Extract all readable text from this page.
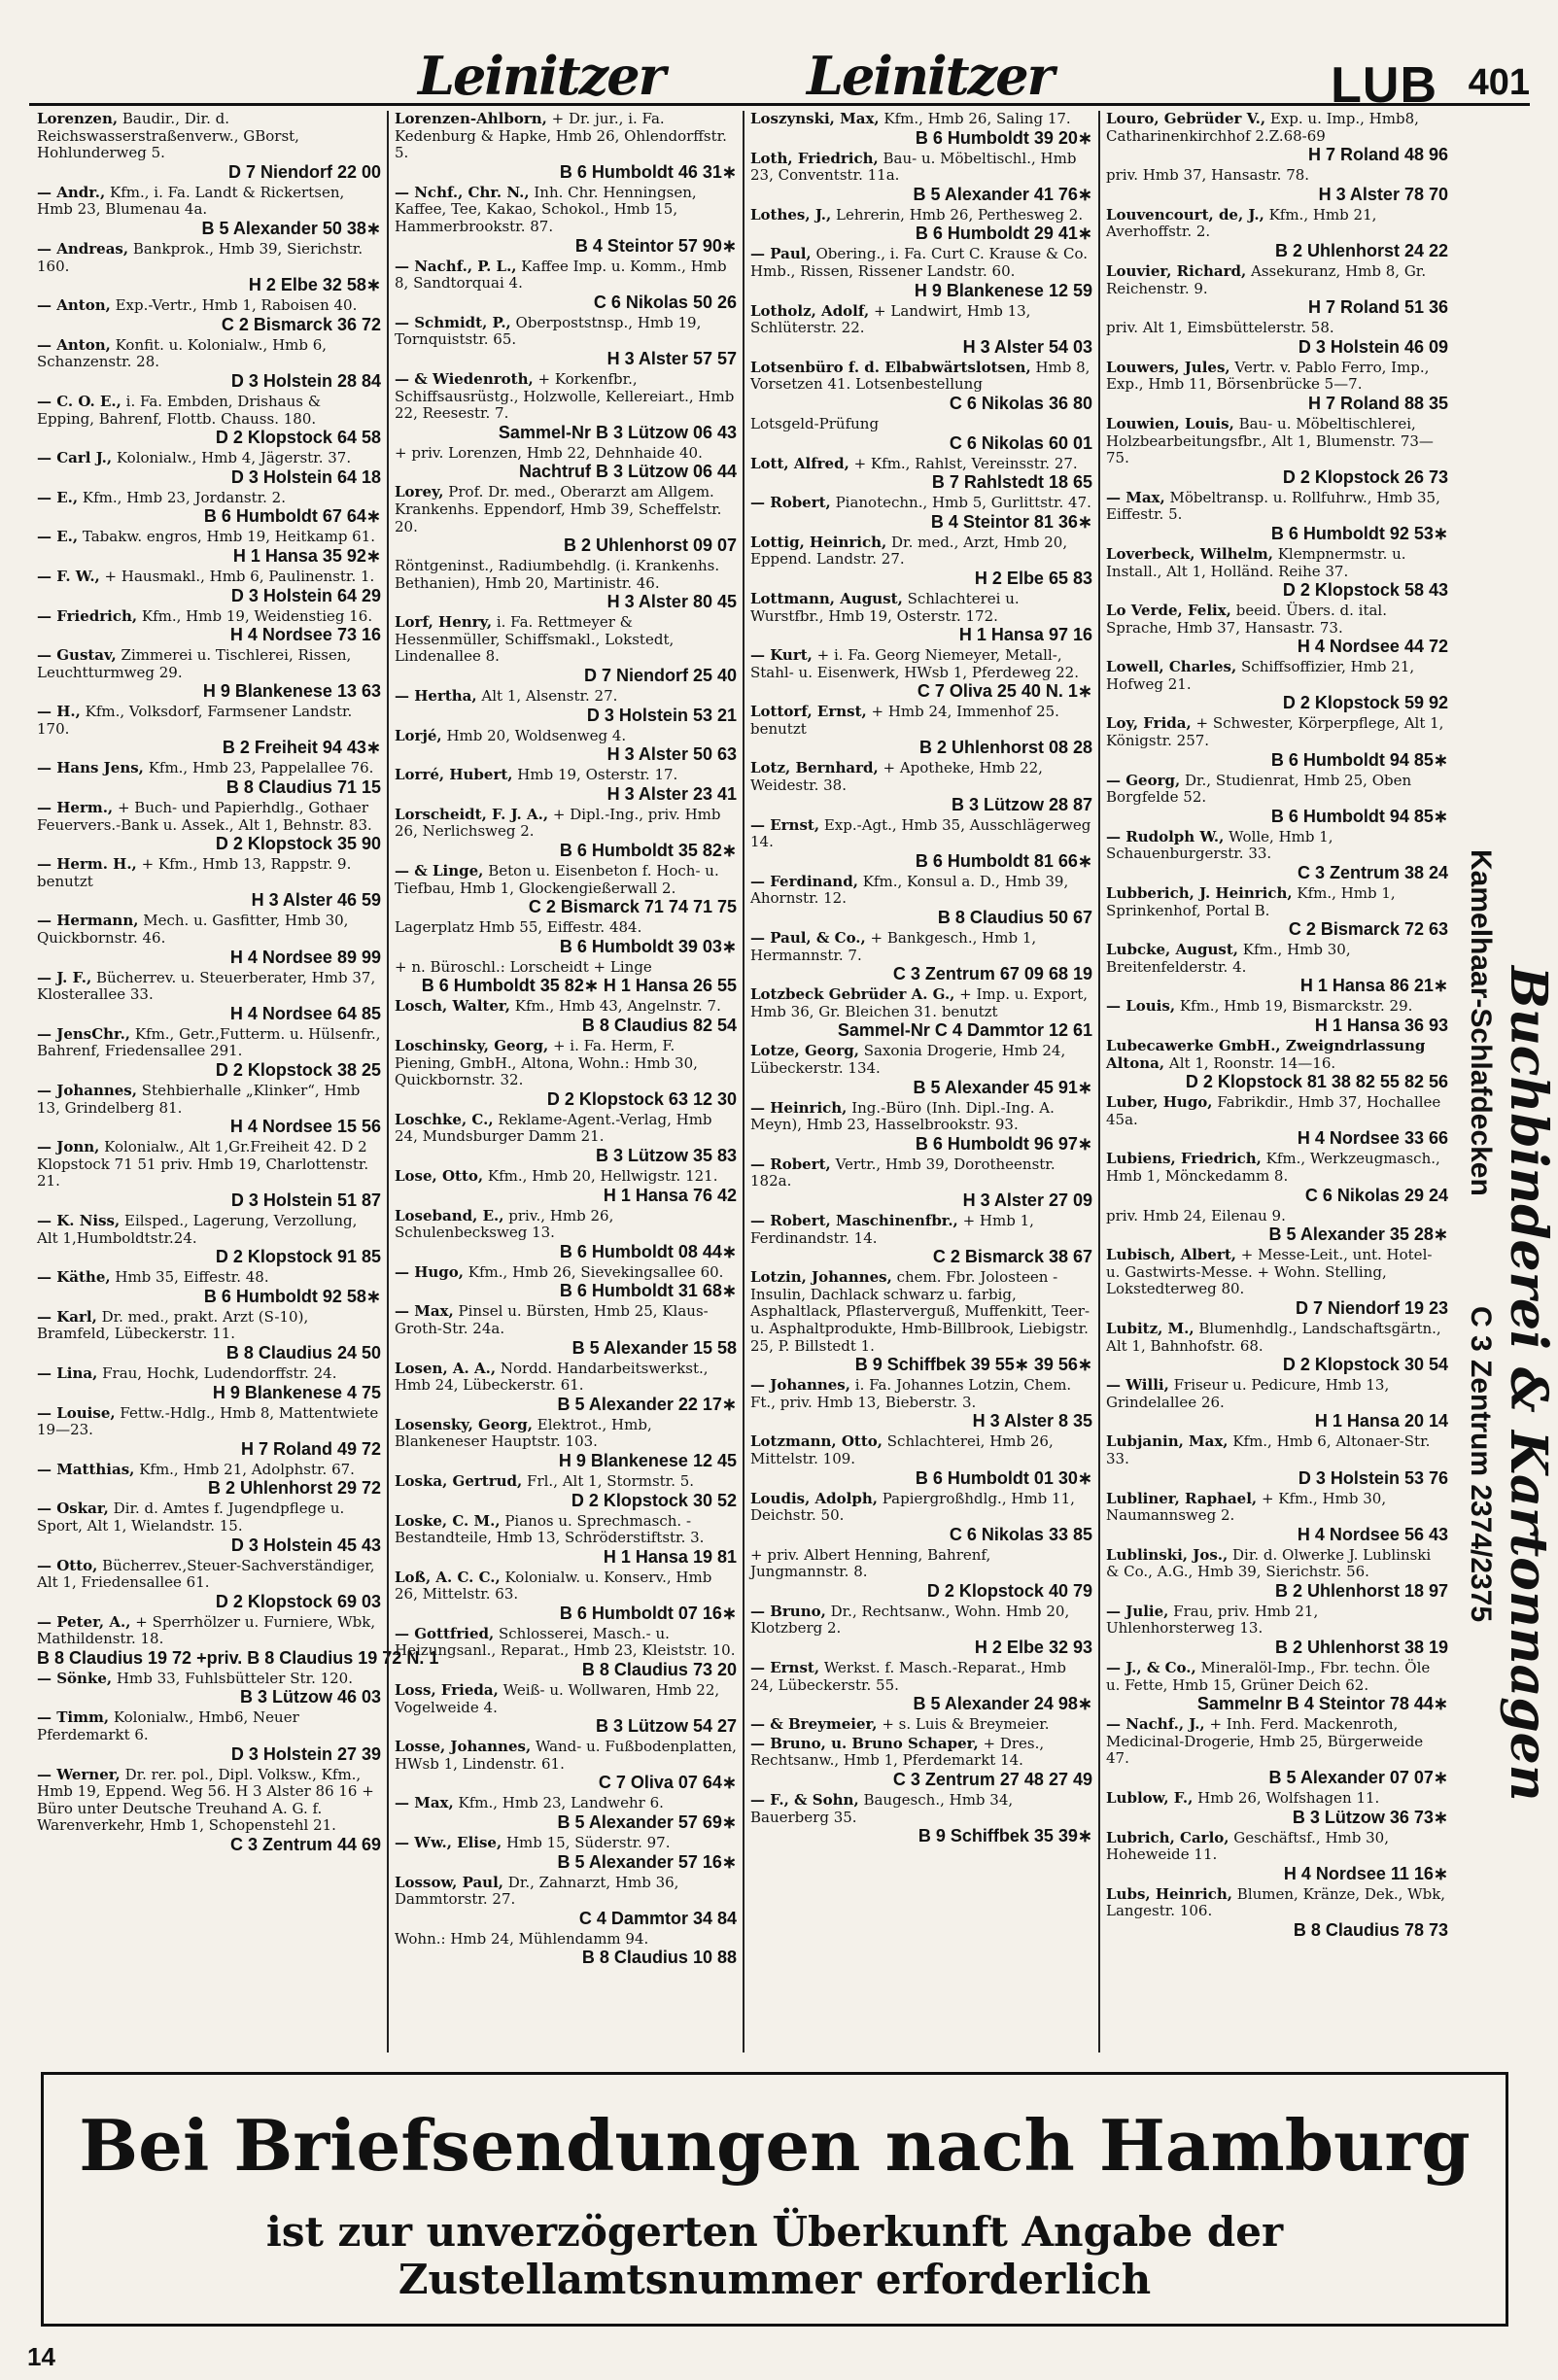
Leinitzer	Leinitzer	LUB 401
Lorenzen, Baudir., Dir. d. Reichswasserstraßenverw., GBorst, Hohlunderweg 5.
D 7 Niendorf 22 00
— Andr., Kfm., i. Fa. Landt & Rickertsen, Hmb 23, Blumenau 4a.
B 5 Alexander 50 38∗
— Andreas, Bankprok., Hmb 39, Sierichstr. 160.
H 2 Elbe 32 58∗
— Anton, Exp.-Vertr., Hmb 1, Raboisen 40.
C 2 Bismarck 36 72
— Anton, Konfit. u. Kolonialw., Hmb 6, Schanzenstr. 28.
D 3 Holstein 28 84
— C. O. E., i. Fa. Embden, Drishaus & Epping, Bahrenf, Flottb. Chauss. 180.
D 2 Klopstock 64 58
— Carl J., Kolonialw., Hmb 4, Jägerstr. 37.
D 3 Holstein 64 18
— E., Kfm., Hmb 23, Jordanstr. 2.
B 6 Humboldt 67 64∗
— E., Tabakw. engros, Hmb 19, Heitkamp 61.
H 1 Hansa 35 92∗
— F. W., + Hausmakl., Hmb 6, Paulinenstr. 1.
D 3 Holstein 64 29
— Friedrich, Kfm., Hmb 19, Weidenstieg 16.
H 4 Nordsee 73 16
— Gustav, Zimmerei u. Tischlerei, Rissen, Leuchtturmweg 29.
H 9 Blankenese 13 63
— H., Kfm., Volksdorf, Farmsener Landstr. 170.
B 2 Freiheit 94 43∗
— Hans Jens, Kfm., Hmb 23, Pappelallee 76.
B 8 Claudius 71 15
— Herm., + Buch- und Papierhdlg., Gothaer Feuervers.-Bank u. Assek., Alt 1, Behnstr. 83.
D 2 Klopstock 35 90
— Herm. H., + Kfm., Hmb 13, Rappstr. 9. benutzt
H 3 Alster 46 59
— Hermann, Mech. u. Gasfitter, Hmb 30, Quickbornstr. 46.
H 4 Nordsee 89 99
— J. F., Bücherrev. u. Steuerberater, Hmb 37, Klosterallee 33.
H 4 Nordsee 64 85
— JensChr., Kfm., Getr.,Futterm. u. Hülsenfr., Bahrenf, Friedensallee 291.
D 2 Klopstock 38 25
— Johannes, Stehbierhalle „Klinker“, Hmb 13, Grindelberg 81.
H 4 Nordsee 15 56
— Jonn, Kolonialw., Alt 1,Gr.Freiheit 42. D 2 Klopstock 71 51 priv. Hmb 19, Charlottenstr. 21.
D 3 Holstein 51 87
— K. Niss, Eilsped., Lagerung, Verzollung, Alt 1,Humboldtstr.24.
D 2 Klopstock 91 85
— Käthe, Hmb 35, Eiffestr. 48.
B 6 Humboldt 92 58∗
— Karl, Dr. med., prakt. Arzt (S-10), Bramfeld, Lübeckerstr. 11.
B 8 Claudius 24 50
— Lina, Frau, Hochk, Ludendorffstr. 24.
H 9 Blankenese 4 75
— Louise, Fettw.-Hdlg., Hmb 8, Mattentwiete 19—23.
H 7 Roland 49 72
— Matthias, Kfm., Hmb 21, Adolphstr. 67.
B 2 Uhlenhorst 29 72
— Oskar, Dir. d. Amtes f. Jugendpflege u. Sport, Alt 1, Wielandstr. 15.
D 3 Holstein 45 43
— Otto, Bücherrev.,Steuer-Sachverständiger, Alt 1, Friedensallee 61.
D 2 Klopstock 69 03
— Peter, A., + Sperrhölzer u. Furniere, Wbk, Mathildenstr. 18.
B 8 Claudius 19 72 +priv. B 8 Claudius 19 72 N. 1
— Sönke, Hmb 33, Fuhlsbütteler Str. 120.
B 3 Lützow 46 03
— Timm, Kolonialw., Hmb6, Neuer Pferdemarkt 6.
D 3 Holstein 27 39
— Werner, Dr. rer. pol., Dipl. Volksw., Kfm., Hmb 19, Eppend. Weg 56. H 3 Alster 86 16 + Büro unter Deutsche Treuhand A. G. f. Warenverkehr, Hmb 1, Schopenstehl 21.
C 3 Zentrum 44 69
Lorenzen-Ahlborn, + Dr. jur., i. Fa. Kedenburg & Hapke, Hmb 26, Ohlendorffstr. 5.
B 6 Humboldt 46 31∗
— Nchf., Chr. N., Inh. Chr. Henningsen, Kaffee, Tee, Kakao, Schokol., Hmb 15, Hammerbrookstr. 87.
B 4 Steintor 57 90∗
— Nachf., P. L., Kaffee Imp. u. Komm., Hmb 8, Sandtorquai 4.
C 6 Nikolas 50 26
— Schmidt, P., Oberpoststnsp., Hmb 19, Tornquiststr. 65.
H 3 Alster 57 57
— & Wiedenroth, + Korkenfbr., Schiffsausrüstg., Holzwolle, Kellereiart., Hmb 22, Reesestr. 7.
Sammel-Nr B 3 Lützow 06 43
+ priv. Lorenzen, Hmb 22, Dehnhaide 40.
Nachtruf B 3 Lützow 06 44
Lorey, Prof. Dr. med., Oberarzt am Allgem. Krankenhs. Eppendorf, Hmb 39, Scheffelstr. 20.
B 2 Uhlenhorst 09 07
Röntgeninst., Radiumbehdlg. (i. Krankenhs. Bethanien), Hmb 20, Martinistr. 46.
H 3 Alster 80 45
Lorf, Henry, i. Fa. Rettmeyer & Hessenmüller, Schiffsmakl., Lokstedt, Lindenallee 8.
D 7 Niendorf 25 40
— Hertha, Alt 1, Alsenstr. 27.
D 3 Holstein 53 21
Lorjé, Hmb 20, Woldsenweg 4.
H 3 Alster 50 63
Lorré, Hubert, Hmb 19, Osterstr. 17.
H 3 Alster 23 41
Lorscheidt, F. J. A., + Dipl.-Ing., priv. Hmb 26, Nerlichsweg 2.
B 6 Humboldt 35 82∗
— & Linge, Beton u. Eisenbeton f. Hoch- u. Tiefbau, Hmb 1, Glockengießerwall 2.
C 2 Bismarck 71 74 71 75
Lagerplatz Hmb 55, Eiffestr. 484.
B 6 Humboldt 39 03∗
+ n. Büroschl.: Lorscheidt + Linge
B 6 Humboldt 35 82∗ H 1 Hansa 26 55
Losch, Walter, Kfm., Hmb 43, Angelnstr. 7.
B 8 Claudius 82 54
Loschinsky, Georg, + i. Fa. Herm, F. Piening, GmbH., Altona, Wohn.: Hmb 30, Quickbornstr. 32.
D 2 Klopstock 63 12 30
Loschke, C., Reklame-Agent.-Verlag, Hmb 24, Mundsburger Damm 21.
B 3 Lützow 35 83
Lose, Otto, Kfm., Hmb 20, Hellwigstr. 121.
H 1 Hansa 76 42
Loseband, E., priv., Hmb 26, Schulenbecksweg 13.
B 6 Humboldt 08 44∗
— Hugo, Kfm., Hmb 26, Sievekingsallee 60.
B 6 Humboldt 31 68∗
— Max, Pinsel u. Bürsten, Hmb 25, Klaus-Groth-Str. 24a.
B 5 Alexander 15 58
Losen, A. A., Nordd. Handarbeitswerkst., Hmb 24, Lübeckerstr. 61.
B 5 Alexander 22 17∗
Losensky, Georg, Elektrot., Hmb, Blankeneser Hauptstr. 103.
H 9 Blankenese 12 45
Loska, Gertrud, Frl., Alt 1, Stormstr. 5.
D 2 Klopstock 30 52
Loske, C. M., Pianos u. Sprechmasch. - Bestandteile, Hmb 13, Schröderstiftstr. 3.
H 1 Hansa 19 81
Loß, A. C. C., Kolonialw. u. Konserv., Hmb 26, Mittelstr. 63.
B 6 Humboldt 07 16∗
— Gottfried, Schlosserei, Masch.- u. Heizungsanl., Reparat., Hmb 23, Kleiststr. 10.
B 8 Claudius 73 20
Loss, Frieda, Weiß- u. Wollwaren, Hmb 22, Vogelweide 4.
B 3 Lützow 54 27
Losse, Johannes, Wand- u. Fußbodenplatten, HWsb 1, Lindenstr. 61.
C 7 Oliva 07 64∗
— Max, Kfm., Hmb 23, Landwehr 6.
B 5 Alexander 57 69∗
— Ww., Elise, Hmb 15, Süderstr. 97.
B 5 Alexander 57 16∗
Lossow, Paul, Dr., Zahnarzt, Hmb 36, Dammtorstr. 27.
C 4 Dammtor 34 84
Wohn.: Hmb 24, Mühlendamm 94.
B 8 Claudius 10 88
Loszynski, Max, Kfm., Hmb 26, Saling 17.
B 6 Humboldt 39 20∗
Loth, Friedrich, Bau- u. Möbeltischl., Hmb 23, Conventstr. 11a.
B 5 Alexander 41 76∗
Lothes, J., Lehrerin, Hmb 26, Perthesweg 2.
B 6 Humboldt 29 41∗
— Paul, Obering., i. Fa. Curt C. Krause & Co. Hmb., Rissen, Rissener Landstr. 60.
H 9 Blankenese 12 59
Lotholz, Adolf, + Landwirt, Hmb 13, Schlüterstr. 22.
H 3 Alster 54 03
Lotsenbüro f. d. Elbabwärtslotsen, Hmb 8, Vorsetzen 41. Lotsenbestellung
C 6 Nikolas 36 80
Lotsgeld-Prüfung
C 6 Nikolas 60 01
Lott, Alfred, + Kfm., Rahlst, Vereinsstr. 27.
B 7 Rahlstedt 18 65
— Robert, Pianotechn., Hmb 5, Gurlittstr. 47.
B 4 Steintor 81 36∗
Lottig, Heinrich, Dr. med., Arzt, Hmb 20, Eppend. Landstr. 27.
H 2 Elbe 65 83
Lottmann, August, Schlachterei u. Wurstfbr., Hmb 19, Osterstr. 172.
H 1 Hansa 97 16
— Kurt, + i. Fa. Georg Niemeyer, Metall-, Stahl- u. Eisenwerk, HWsb 1, Pferdeweg 22.
C 7 Oliva 25 40 N. 1∗
Lottorf, Ernst, + Hmb 24, Immenhof 25. benutzt
B 2 Uhlenhorst 08 28
Lotz, Bernhard, + Apotheke, Hmb 22, Weidestr. 38.
B 3 Lützow 28 87
— Ernst, Exp.-Agt., Hmb 35, Ausschlägerweg 14.
B 6 Humboldt 81 66∗
— Ferdinand, Kfm., Konsul a. D., Hmb 39, Ahornstr. 12.
B 8 Claudius 50 67
— Paul, & Co., + Bankgesch., Hmb 1, Hermannstr. 7.
C 3 Zentrum 67 09 68 19
Lotzbeck Gebrüder A. G., + Imp. u. Export, Hmb 36, Gr. Bleichen 31. benutzt
Sammel-Nr C 4 Dammtor 12 61
Lotze, Georg, Saxonia Drogerie, Hmb 24, Lübeckerstr. 134.
B 5 Alexander 45 91∗
— Heinrich, Ing.-Büro (Inh. Dipl.-Ing. A. Meyn), Hmb 23, Hasselbrookstr. 93.
B 6 Humboldt 96 97∗
— Robert, Vertr., Hmb 39, Dorotheenstr. 182a.
H 3 Alster 27 09
— Robert, Maschinenfbr., + Hmb 1, Ferdinandstr. 14.
C 2 Bismarck 38 67
Lotzin, Johannes, chem. Fbr. Jolosteen - Insulin, Dachlack schwarz u. farbig, Asphaltlack, Pflasterverguß, Muffenkitt, Teer-u. Asphaltprodukte, Hmb-Billbrook, Liebigstr. 25, P. Billstedt 1.
B 9 Schiffbek 39 55∗ 39 56∗
— Johannes, i. Fa. Johannes Lotzin, Chem. Ft., priv. Hmb 13, Bieberstr. 3.
H 3 Alster 8 35
Lotzmann, Otto, Schlachterei, Hmb 26, Mittelstr. 109.
B 6 Humboldt 01 30∗
Loudis, Adolph, Papiergroßhdlg., Hmb 11, Deichstr. 50.
C 6 Nikolas 33 85
+ priv. Albert Henning, Bahrenf, Jungmannstr. 8.
D 2 Klopstock 40 79
— Bruno, Dr., Rechtsanw., Wohn. Hmb 20, Klotzberg 2.
H 2 Elbe 32 93
— Ernst, Werkst. f. Masch.-Reparat., Hmb 24, Lübeckerstr. 55.
B 5 Alexander 24 98∗
— & Breymeier, + s. Luis & Breymeier.
— Bruno, u. Bruno Schaper, + Dres., Rechtsanw., Hmb 1, Pferdemarkt 14.
C 3 Zentrum 27 48 27 49
— F., & Sohn, Baugesch., Hmb 34, Bauerberg 35.
B 9 Schiffbek 35 39∗
Louro, Gebrüder V., Exp. u. Imp., Hmb8, Catharinenkirchhof 2.Z.68-69
H 7 Roland 48 96
priv. Hmb 37, Hansastr. 78.
H 3 Alster 78 70
Louvencourt, de, J., Kfm., Hmb 21, Averhoffstr. 2.
B 2 Uhlenhorst 24 22
Louvier, Richard, Assekuranz, Hmb 8, Gr. Reichenstr. 9.
H 7 Roland 51 36
priv. Alt 1, Eimsbüttelerstr. 58.
D 3 Holstein 46 09
Louwers, Jules, Vertr. v. Pablo Ferro, Imp., Exp., Hmb 11, Börsenbrücke 5—7.
H 7 Roland 88 35
Louwien, Louis, Bau- u. Möbeltischlerei, Holzbearbeitungsfbr., Alt 1, Blumenstr. 73—75.
D 2 Klopstock 26 73
— Max, Möbeltransp. u. Rollfuhrw., Hmb 35, Eiffestr. 5.
B 6 Humboldt 92 53∗
Loverbeck, Wilhelm, Klempnermstr. u. Install., Alt 1, Holländ. Reihe 37.
D 2 Klopstock 58 43
Lo Verde, Felix, beeid. Übers. d. ital. Sprache, Hmb 37, Hansastr. 73.
H 4 Nordsee 44 72
Lowell, Charles, Schiffsoffizier, Hmb 21, Hofweg 21.
D 2 Klopstock 59 92
Loy, Frida, + Schwester, Körperpflege, Alt 1, Königstr. 257.
B 6 Humboldt 94 85∗
— Georg, Dr., Studienrat, Hmb 25, Oben Borgfelde 52.
B 6 Humboldt 94 85∗
— Rudolph W., Wolle, Hmb 1, Schauenburgerstr. 33.
C 3 Zentrum 38 24
Lubberich, J. Heinrich, Kfm., Hmb 1, Sprinkenhof, Portal B.
C 2 Bismarck 72 63
Lubcke, August, Kfm., Hmb 30, Breitenfelderstr. 4.
H 1 Hansa 86 21∗
— Louis, Kfm., Hmb 19, Bismarckstr. 29.
H 1 Hansa 36 93
Lubecawerke GmbH., Zweigndrlassung Altona, Alt 1, Roonstr. 14—16.
D 2 Klopstock 81 38 82 55 82 56
Luber, Hugo, Fabrikdir., Hmb 37, Hochallee 45a.
H 4 Nordsee 33 66
Lubiens, Friedrich, Kfm., Werkzeugmasch., Hmb 1, Mönckedamm 8.
C 6 Nikolas 29 24
priv. Hmb 24, Eilenau 9.
B 5 Alexander 35 28∗
Lubisch, Albert, + Messe-Leit., unt. Hotel- u. Gastwirts-Messe. + Wohn. Stelling, Lokstedterweg 80.
D 7 Niendorf 19 23
Lubitz, M., Blumenhdlg., Landschaftsgärtn., Alt 1, Bahnhofstr. 68.
D 2 Klopstock 30 54
— Willi, Friseur u. Pedicure, Hmb 13, Grindelallee 26.
H 1 Hansa 20 14
Lubjanin, Max, Kfm., Hmb 6, Altonaer-Str. 33.
D 3 Holstein 53 76
Lubliner, Raphael, + Kfm., Hmb 30, Naumannsweg 2.
H 4 Nordsee 56 43
Lublinski, Jos., Dir. d. Olwerke J. Lublinski & Co., A.G., Hmb 39, Sierichstr. 56.
B 2 Uhlenhorst 18 97
— Julie, Frau, priv. Hmb 21, Uhlenhorsterweg 13.
B 2 Uhlenhorst 38 19
— J., & Co., Mineralöl-Imp., Fbr. techn. Öle u. Fette, Hmb 15, Grüner Deich 62.
Sammelnr B 4 Steintor 78 44∗
— Nachf., J., + Inh. Ferd. Mackenroth, Medicinal-Drogerie, Hmb 25, Bürgerweide 47.
B 5 Alexander 07 07∗
Lublow, F., Hmb 26, Wolfshagen 11.
B 3 Lützow 36 73∗
Lubrich, Carlo, Geschäftsf., Hmb 30, Hoheweide 11.
H 4 Nordsee 11 16∗
Lubs, Heinrich, Blumen, Kränze, Dek., Wbk, Langestr. 106.
B 8 Claudius 78 73
Kamelhaar-Schlafdecken Buchbinderei & Kartonnagen
C 3 Zentrum 2374/2375
Bei Briefsendungen nach Hamburg
ist zur unverzögerten Überkunft Angabe der Zustellamtsnummer erforderlich
14
